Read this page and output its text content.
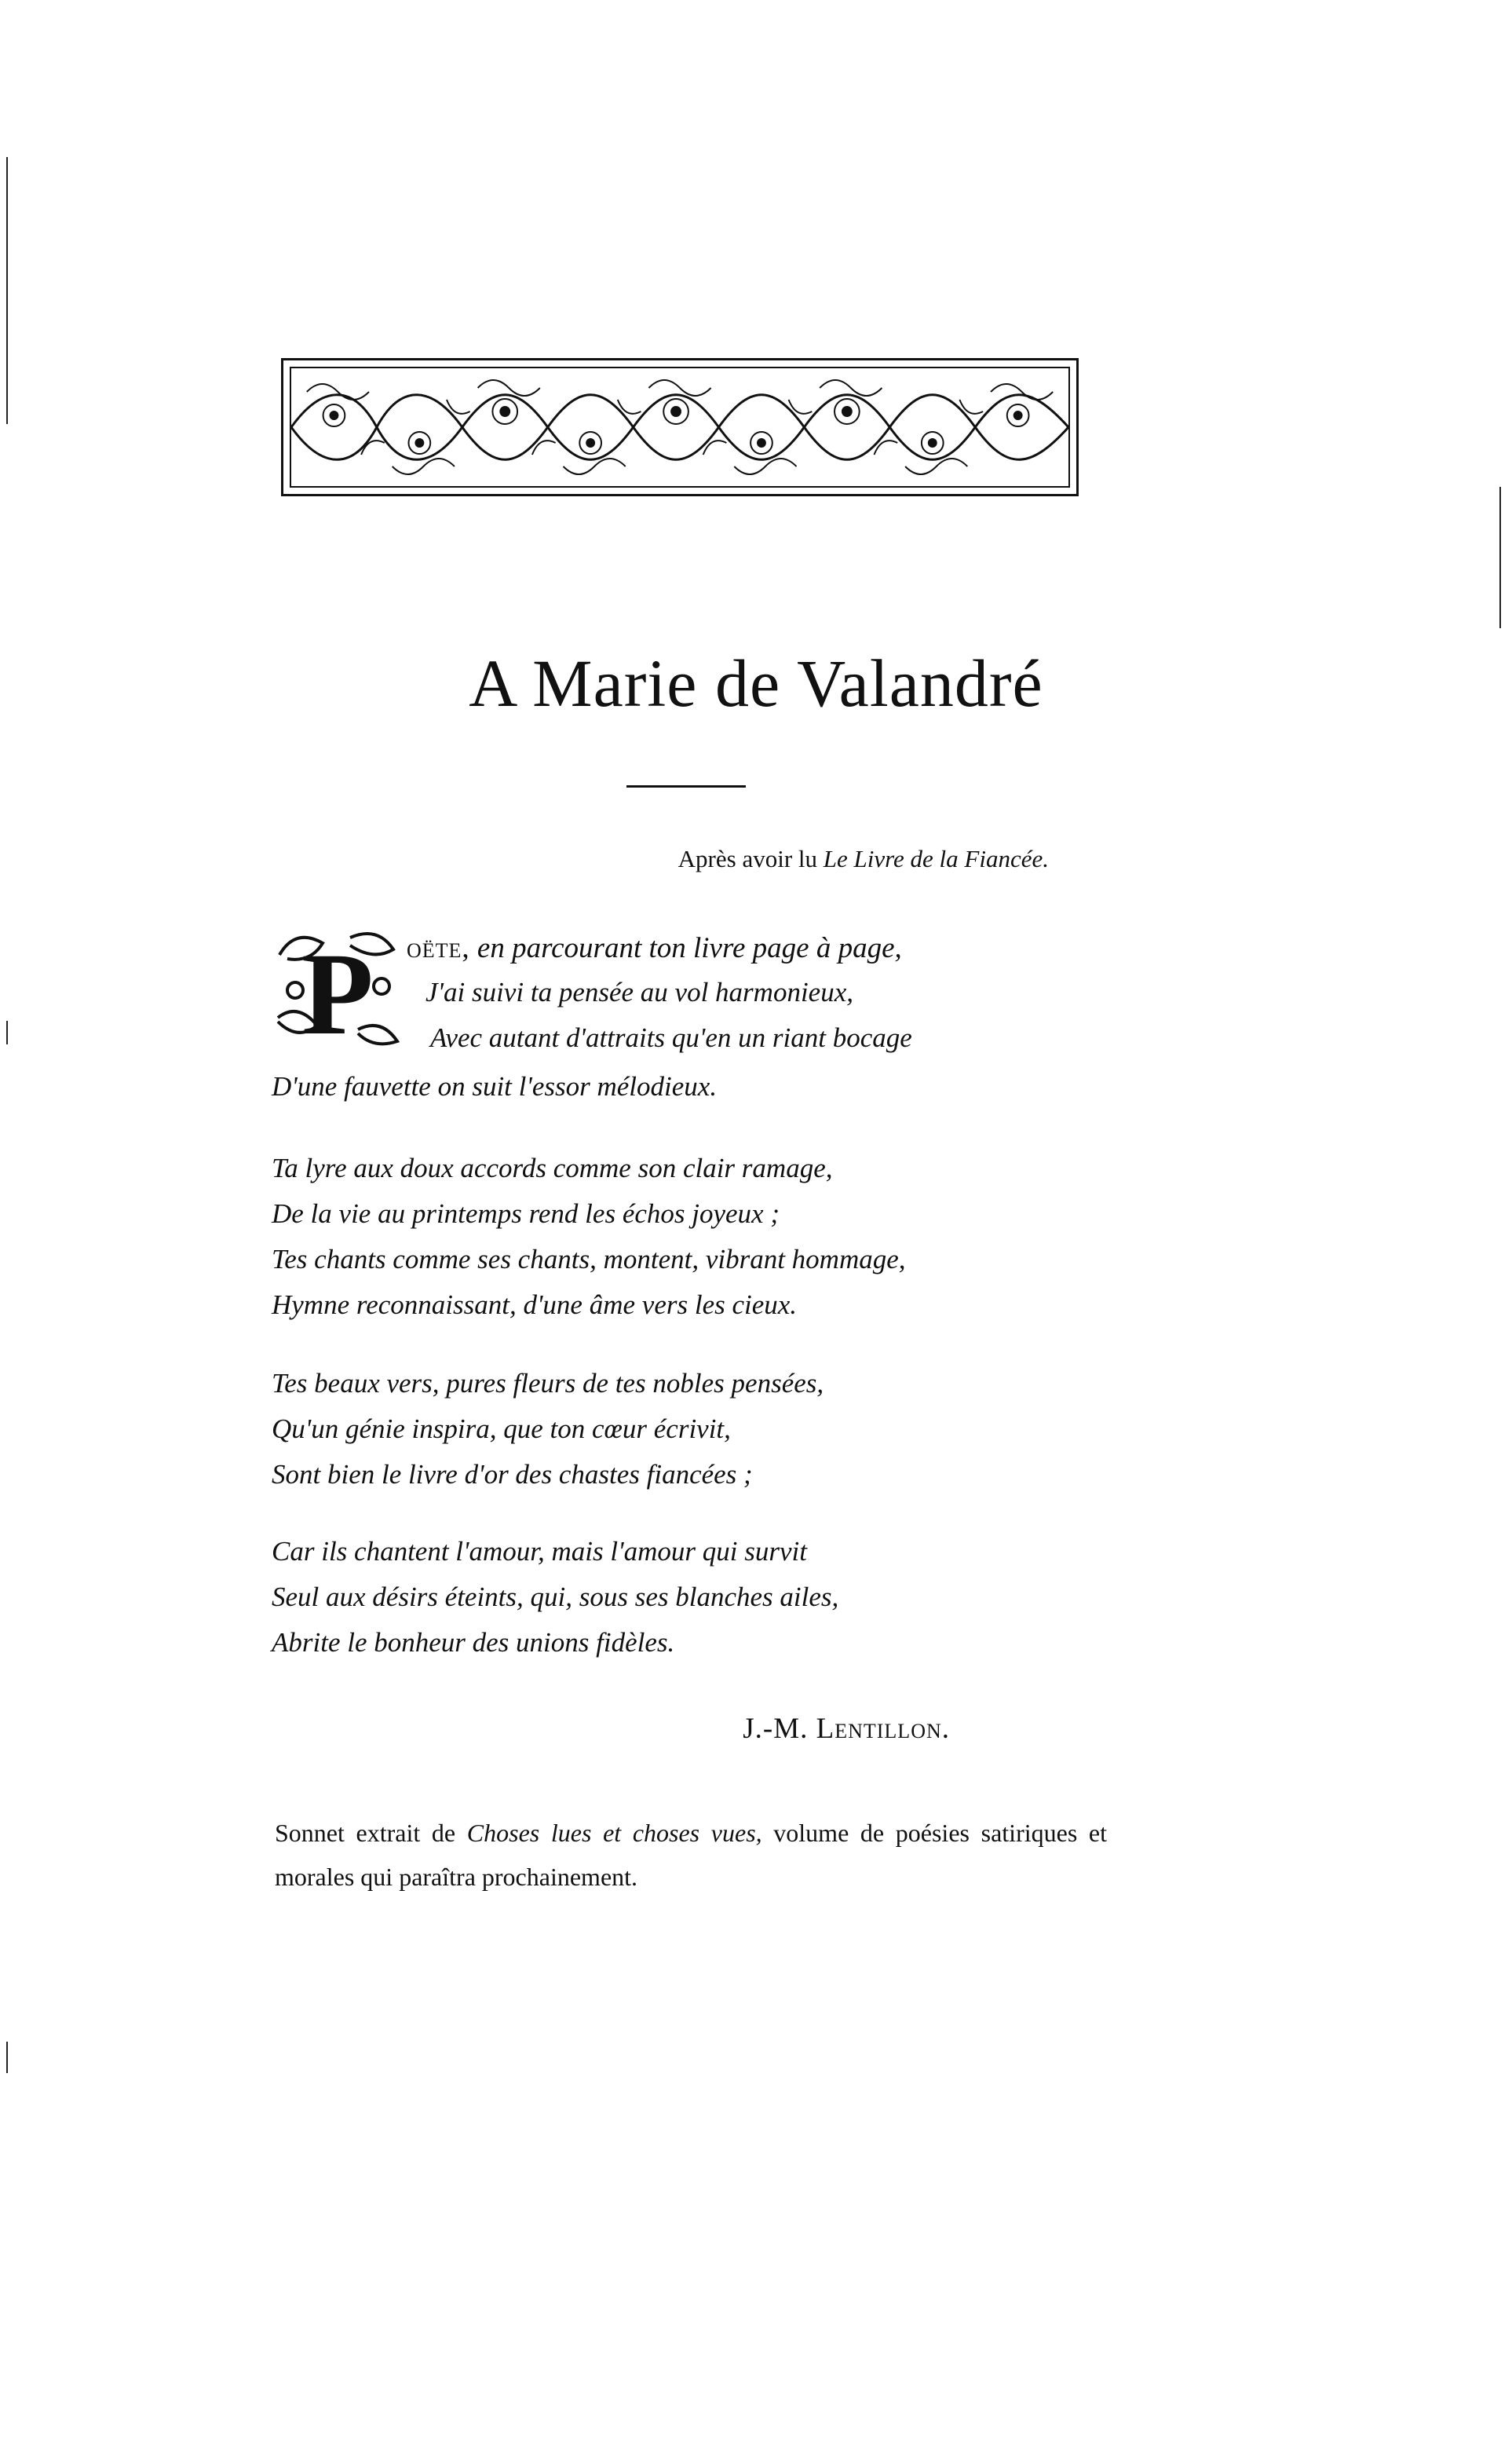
A Marie de Valandré
Après avoir lu Le Livre de la Fiancée.
P oëte, en parcourant ton livre page à page,
J'ai suivi ta pensée au vol harmonieux,
Avec autant d'attraits qu'en un riant bocage
D'une fauvette on suit l'essor mélodieux.
Ta lyre aux doux accords comme son clair ramage,
De la vie au printemps rend les échos joyeux ;
Tes chants comme ses chants, montent, vibrant hommage,
Hymne reconnaissant, d'une âme vers les cieux.
Tes beaux vers, pures fleurs de tes nobles pensées,
Qu'un génie inspira, que ton cœur écrivit,
Sont bien le livre d'or des chastes fiancées ;
Car ils chantent l'amour, mais l'amour qui survit
Seul aux désirs éteints, qui, sous ses blanches ailes,
Abrite le bonheur des unions fidèles.
J.-M. Lentillon.
Sonnet extrait de Choses lues et choses vues, volume de poésies satiriques et morales qui paraîtra prochainement.
